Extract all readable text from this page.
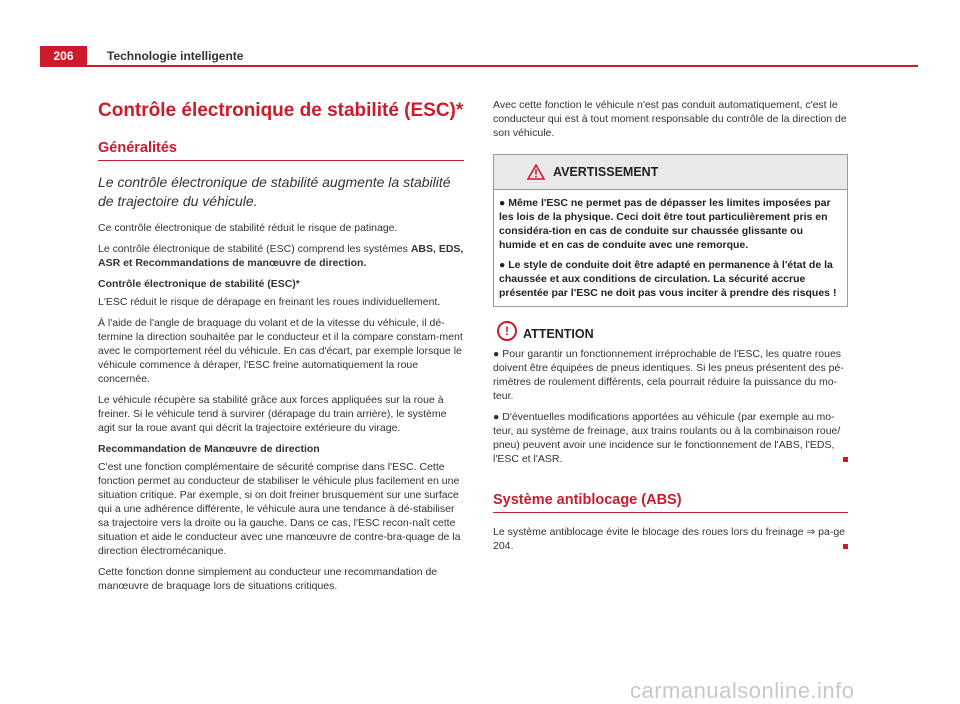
206	Technologie intelligente
Contrôle électronique de stabilité (ESC)*
Généralités
Le contrôle électronique de stabilité augmente la stabilité de trajectoire du véhicule.

Ce contrôle électronique de stabilité réduit le risque de patinage.

Le contrôle électronique de stabilité (ESC) comprend les systèmes ABS, EDS, ASR et Recommandations de manœuvre de direction.

Contrôle électronique de stabilité (ESC)*

L'ESC réduit le risque de dérapage en freinant les roues individuellement.

À l'aide de l'angle de braquage du volant et de la vitesse du véhicule, il dé-termine la direction souhaitée par le conducteur et il la compare constam-ment avec le comportement réel du véhicule. En cas d'écart, par exemple lorsque le véhicule commence à déraper, l'ESC freine automatiquement la roue concernée.

Le véhicule récupère sa stabilité grâce aux forces appliquées sur la roue à freiner. Si le véhicule tend à survirer (dérapage du train arrière), le système agit sur la roue avant qui décrit la trajectoire extérieure du virage.

Recommandation de Manœuvre de direction

C'est une fonction complémentaire de sécurité comprise dans l'ESC. Cette fonction permet au conducteur de stabiliser le véhicule plus facilement en une situation critique. Par exemple, si on doit freiner brusquement sur une surface qui a une adhérence différente, le véhicule aura une tendance à dé-stabiliser sa trajectoire vers la droite ou la gauche. Dans ce cas, l'ESC recon-naît cette situation et aide le conducteur avec une manœuvre de contre-bra-quage de la direction électromécanique.

Cette fonction donne simplement au conducteur une recommandation de manœuvre de braquage lors de situations critiques.

Avec cette fonction le véhicule n'est pas conduit automatiquement, c'est le conducteur qui est à tout moment responsable du contrôle de la direction de son véhicule.

AVERTISSEMENT

● Même l'ESC ne permet pas de dépasser les limites imposées par les lois de la physique. Ceci doit être tout particulièrement pris en considéra-tion en cas de conduite sur chaussée glissante ou humide et en cas de conduite avec une remorque.

● Le style de conduite doit être adapté en permanence à l'état de la chaussée et aux conditions de circulation. La sécurité accrue présentée par l'ESC ne doit pas vous inciter à prendre des risques !

!	ATTENTION

● Pour garantir un fonctionnement irréprochable de l'ESC, les quatre roues doivent être équipées de pneus identiques. Si les pneus présentent des pé-rimètres de roulement différents, cela pourrait réduire la puissance du mo-teur.

● D'éventuelles modifications apportées au véhicule (par exemple au mo-teur, au système de freinage, aux trains roulants ou à la combinaison roue/ pneu) peuvent avoir une incidence sur le fonctionnement de l'ABS, l'EDS, l'ESC et l'ASR.

Système antiblocage (ABS)

Le système antiblocage évite le blocage des roues lors du freinage ⇒ pa-ge 204.

carmanualsonline.info
